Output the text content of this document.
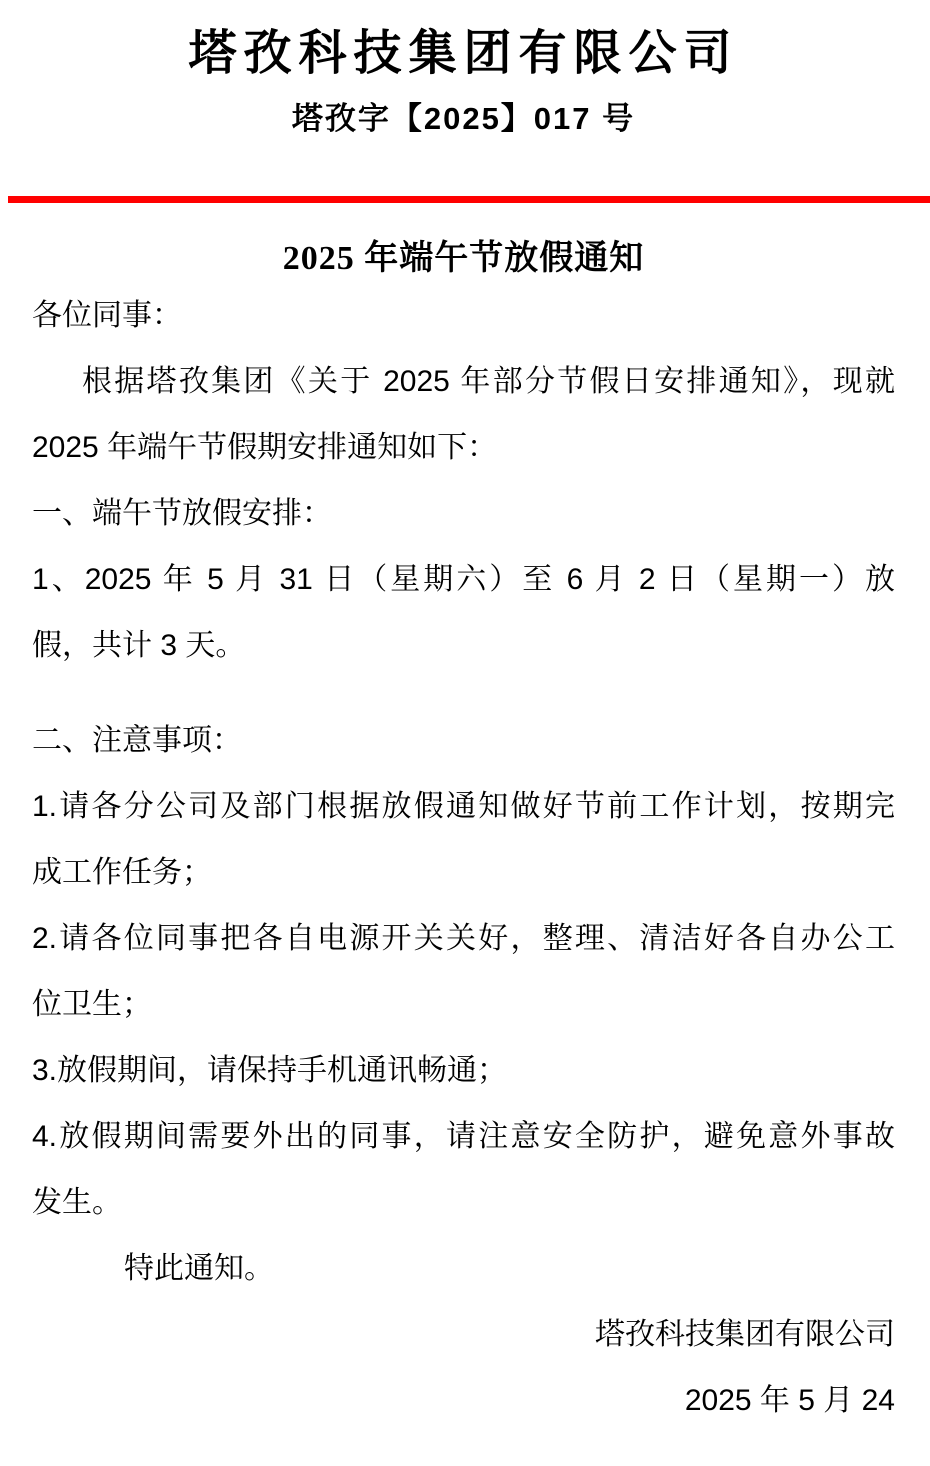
塔孜科技集团有限公司
塔孜字【2025】017 号
2025 年端午节放假通知
各位同事：
根据塔孜集团《关于 2025 年部分节假日安排通知》，现就
2025 年端午节假期安排通知如下：
一、端午节放假安排：
1、2025 年 5 月 31 日（星期六）至 6 月 2 日（星期一）放
假，共计 3 天。
二、注意事项：
1.请各分公司及部门根据放假通知做好节前工作计划，按期完
成工作任务；
2.请各位同事把各自电源开关关好，整理、清洁好各自办公工
位卫生；
3.放假期间，请保持手机通讯畅通；
4.放假期间需要外出的同事，请注意安全防护，避免意外事故
发生。
特此通知。
塔孜科技集团有限公司
2025 年 5 月 24
